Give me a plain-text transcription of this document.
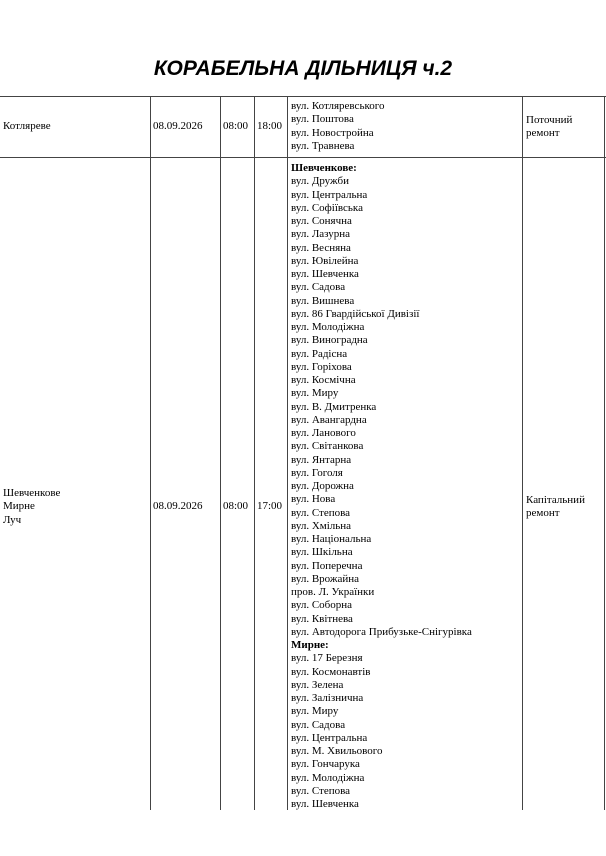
КОРАБЕЛЬНА ДІЛЬНИЦЯ ч.2
Котляреве	08.09.2026 08:00 18:00
вул. Котляревського
вул. Поштова
вул. Новостройна
вул. Травнева
Поточний
ремонт
Шевченкове
Мирне
Луч
08.09.2026 08:00 17:00
Шевченкове:
вул. Дружби
вул. Центральна
вул. Софіївська
вул. Сонячна
вул. Лазурна
вул. Весняна
вул. Ювілейна
вул. Шевченка
вул. Садова
вул. Вишнева
вул. 86 Гвардійської Дивізії
вул. Молодіжна
вул. Виноградна
вул. Радісна
вул. Горіхова
вул. Космічна
вул. Миру
вул. В. Дмитренка
вул. Авангардна
вул. Ланового
вул. Світанкова
вул. Янтарна
вул. Гоголя
вул. Дорожна
вул. Нова
вул. Степова
вул. Хмільна
вул. Національна
вул. Шкільна
вул. Поперечна
вул. Врожайна
пров. Л. Українки
вул. Соборна
вул. Квітнева
вул. Автодорога Прибузьке-Снігурівка
Мирне:
вул. 17 Березня
вул. Космонавтів
вул. Зелена
вул. Залізнична
вул. Миру
вул. Садова
вул. Центральна
вул. М. Хвильового
вул. Гончарука
вул. Молодіжна
вул. Степова
вул. Шевченка
Капітальний
ремонт
